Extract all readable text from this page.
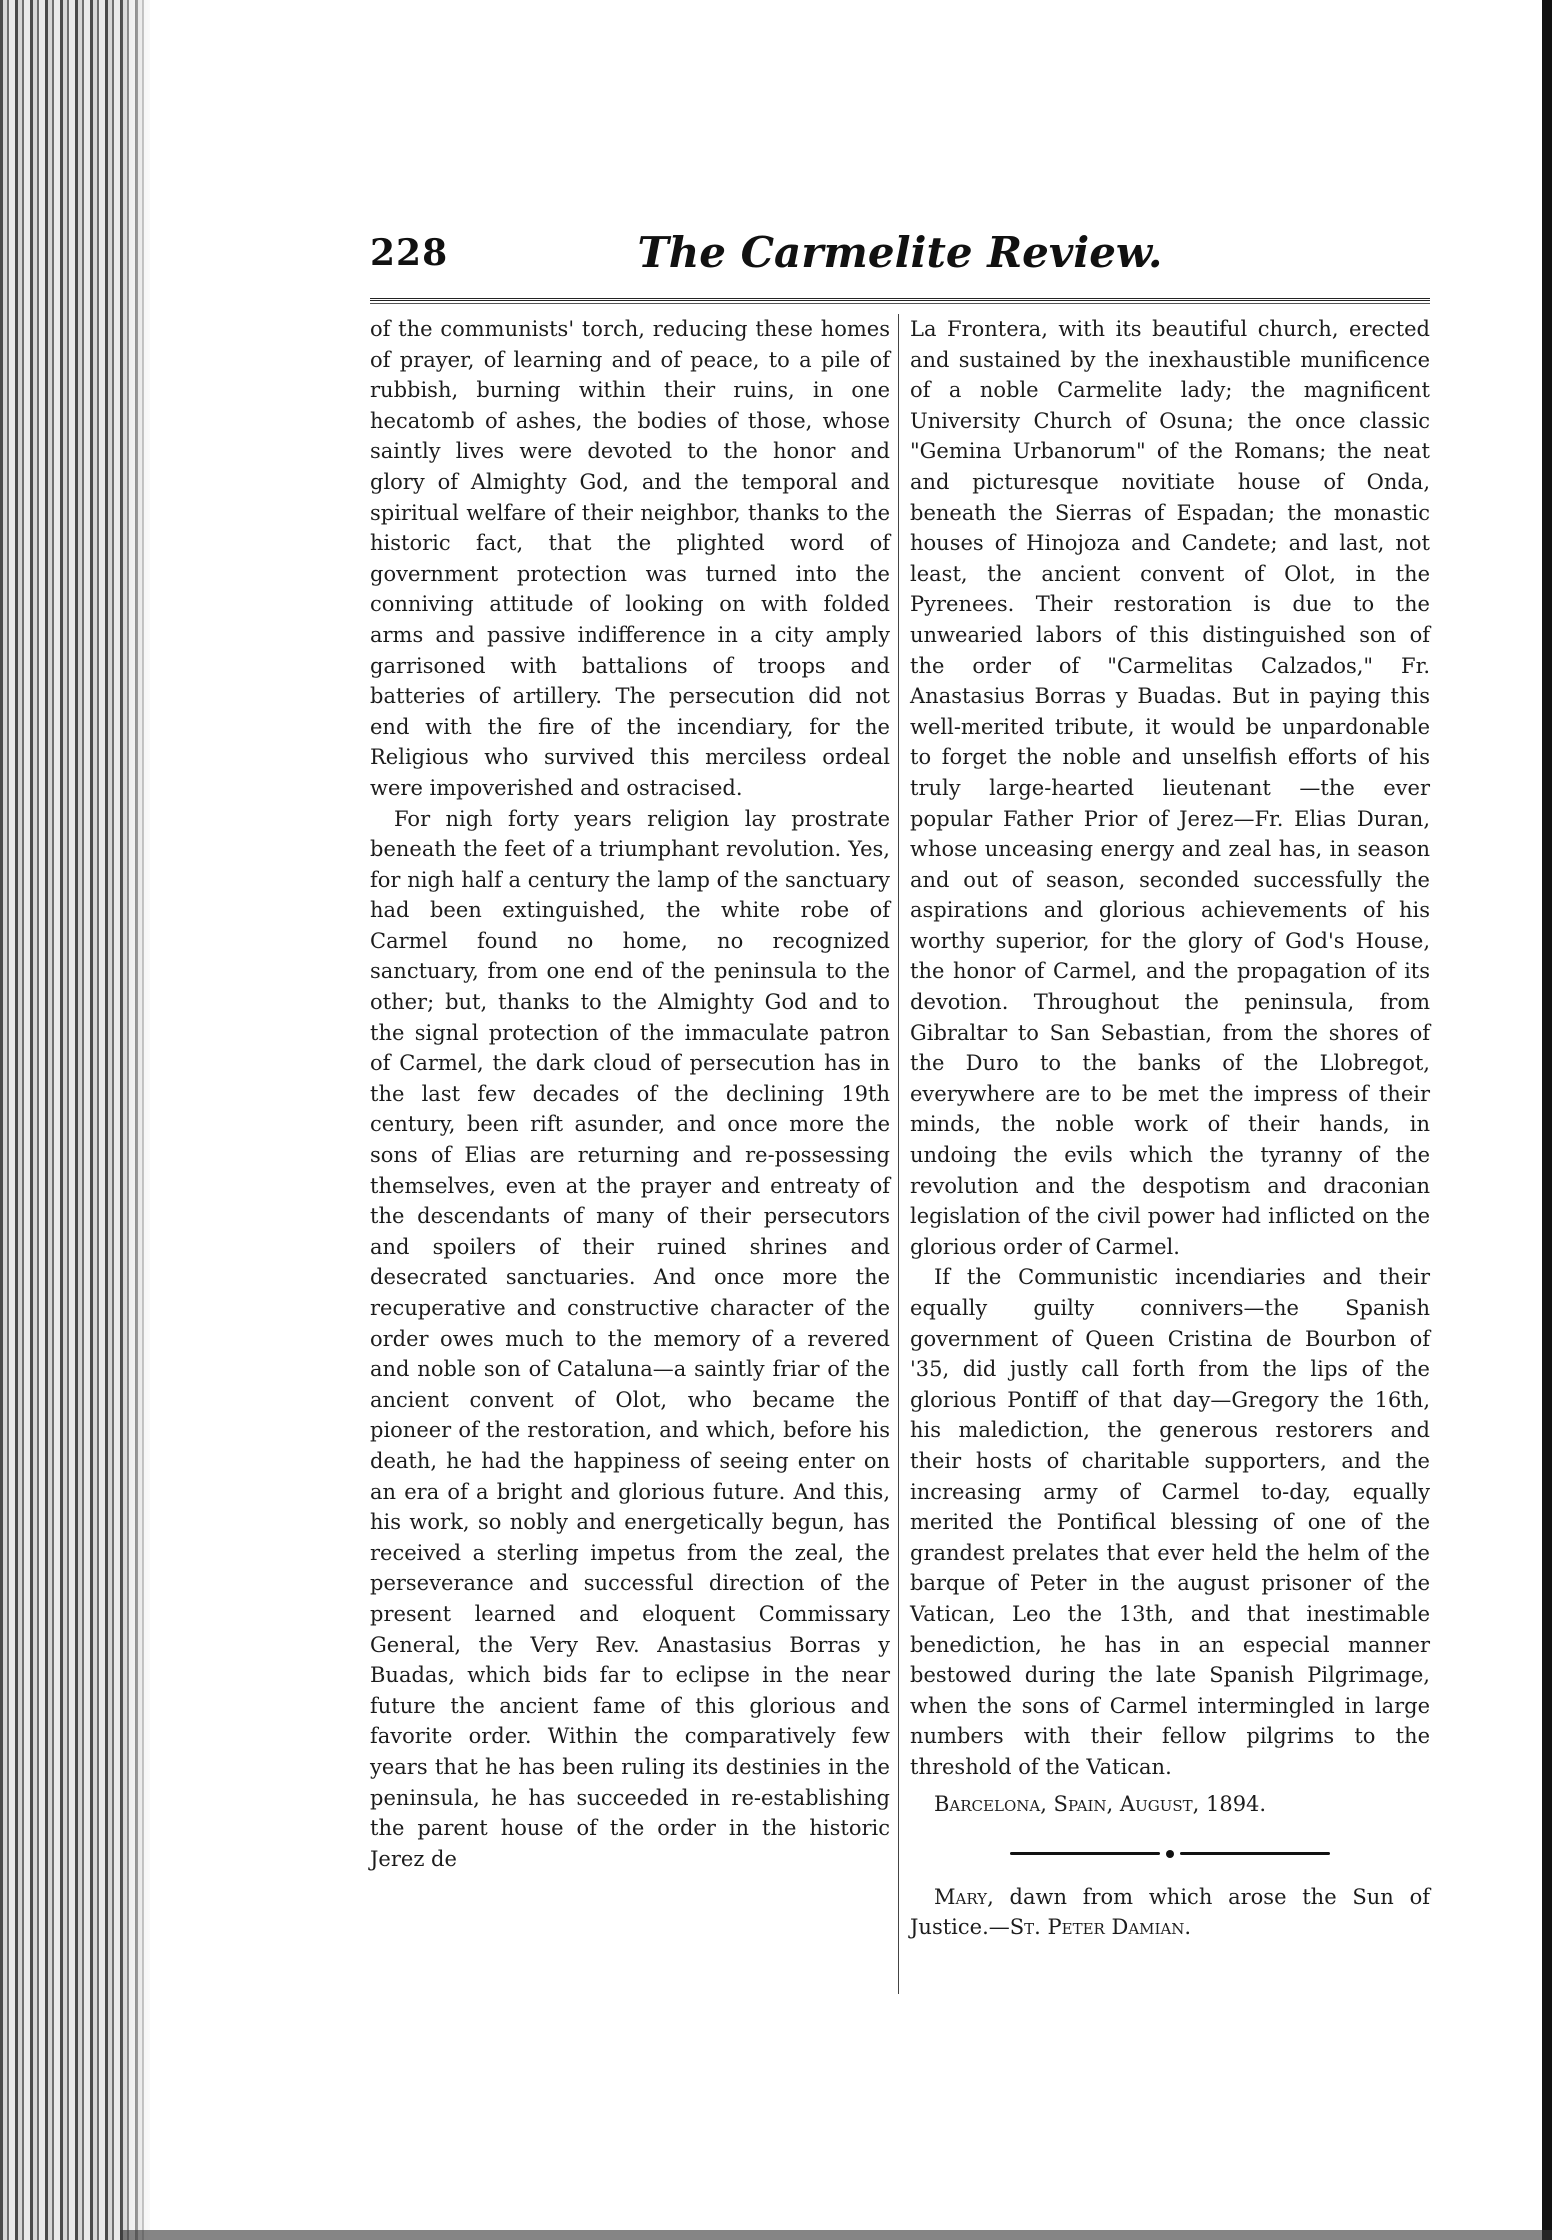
228	The Carmelite Review.

of the communists' torch, reducing these homes of prayer, of learning and of peace, to a pile of rubbish, burning within their ruins, in one hecatomb of ashes, the bodies of those, whose saintly lives were devoted to the honor and glory of Almighty God, and the temporal and spiritual welfare of their neighbor, thanks to the historic fact, that the plighted word of government protection was turned into the conniving attitude of looking on with folded arms and passive indifference in a city amply garrisoned with battalions of troops and batteries of artillery. The persecution did not end with the fire of the incendiary, for the Religious who survived this merciless ordeal were impoverished and ostracised.

For nigh forty years religion lay prostrate beneath the feet of a triumphant revolution. Yes, for nigh half a century the lamp of the sanctuary had been extinguished, the white robe of Carmel found no home, no recognized sanctuary, from one end of the peninsula to the other; but, thanks to the Almighty God and to the signal protection of the immaculate patron of Carmel, the dark cloud of persecution has in the last few decades of the declining 19th century, been rift asunder, and once more the sons of Elias are returning and re-possessing themselves, even at the prayer and entreaty of the descendants of many of their persecutors and spoilers of their ruined shrines and desecrated sanctuaries. And once more the recuperative and constructive character of the order owes much to the memory of a revered and noble son of Cataluna—a saintly friar of the ancient convent of Olot, who became the pioneer of the restoration, and which, before his death, he had the happiness of seeing enter on an era of a bright and glorious future. And this, his work, so nobly and energetically begun, has received a sterling impetus from the zeal, the perseverance and successful direction of the present learned and eloquent Commissary General, the Very Rev. Anastasius Borras y Buadas, which bids far to eclipse in the near future the ancient fame of this glorious and favorite order. Within the comparatively few years that he has been ruling its destinies in the peninsula, he has succeeded in re-establishing the parent house of the order in the historic Jerez de

La Frontera, with its beautiful church, erected and sustained by the inexhaustible munificence of a noble Carmelite lady; the magnificent University Church of Osuna; the once classic "Gemina Urbanorum" of the Romans; the neat and picturesque novitiate house of Onda, beneath the Sierras of Espadan; the monastic houses of Hinojoza and Candete; and last, not least, the ancient convent of Olot, in the Pyrenees. Their restoration is due to the unwearied labors of this distinguished son of the order of "Carmelitas Calzados," Fr. Anastasius Borras y Buadas. But in paying this well-merited tribute, it would be unpardonable to forget the noble and unselfish efforts of his truly large-hearted lieutenant —the ever popular Father Prior of Jerez—Fr. Elias Duran, whose unceasing energy and zeal has, in season and out of season, seconded successfully the aspirations and glorious achievements of his worthy superior, for the glory of God's House, the honor of Carmel, and the propagation of its devotion. Throughout the peninsula, from Gibraltar to San Sebastian, from the shores of the Duro to the banks of the Llobregot, everywhere are to be met the impress of their minds, the noble work of their hands, in undoing the evils which the tyranny of the revolution and the despotism and draconian legislation of the civil power had inflicted on the glorious order of Carmel.

If the Communistic incendiaries and their equally guilty connivers—the Spanish government of Queen Cristina de Bourbon of '35, did justly call forth from the lips of the glorious Pontiff of that day—Gregory the 16th, his malediction, the generous restorers and their hosts of charitable supporters, and the increasing army of Carmel to-day, equally merited the Pontifical blessing of one of the grandest prelates that ever held the helm of the barque of Peter in the august prisoner of the Vatican, Leo the 13th, and that inestimable benediction, he has in an especial manner bestowed during the late Spanish Pilgrimage, when the sons of Carmel intermingled in large numbers with their fellow pilgrims to the threshold of the Vatican.

Barcelona, Spain, August, 1894.

Mary, dawn from which arose the Sun of Justice.—St. Peter Damian.
